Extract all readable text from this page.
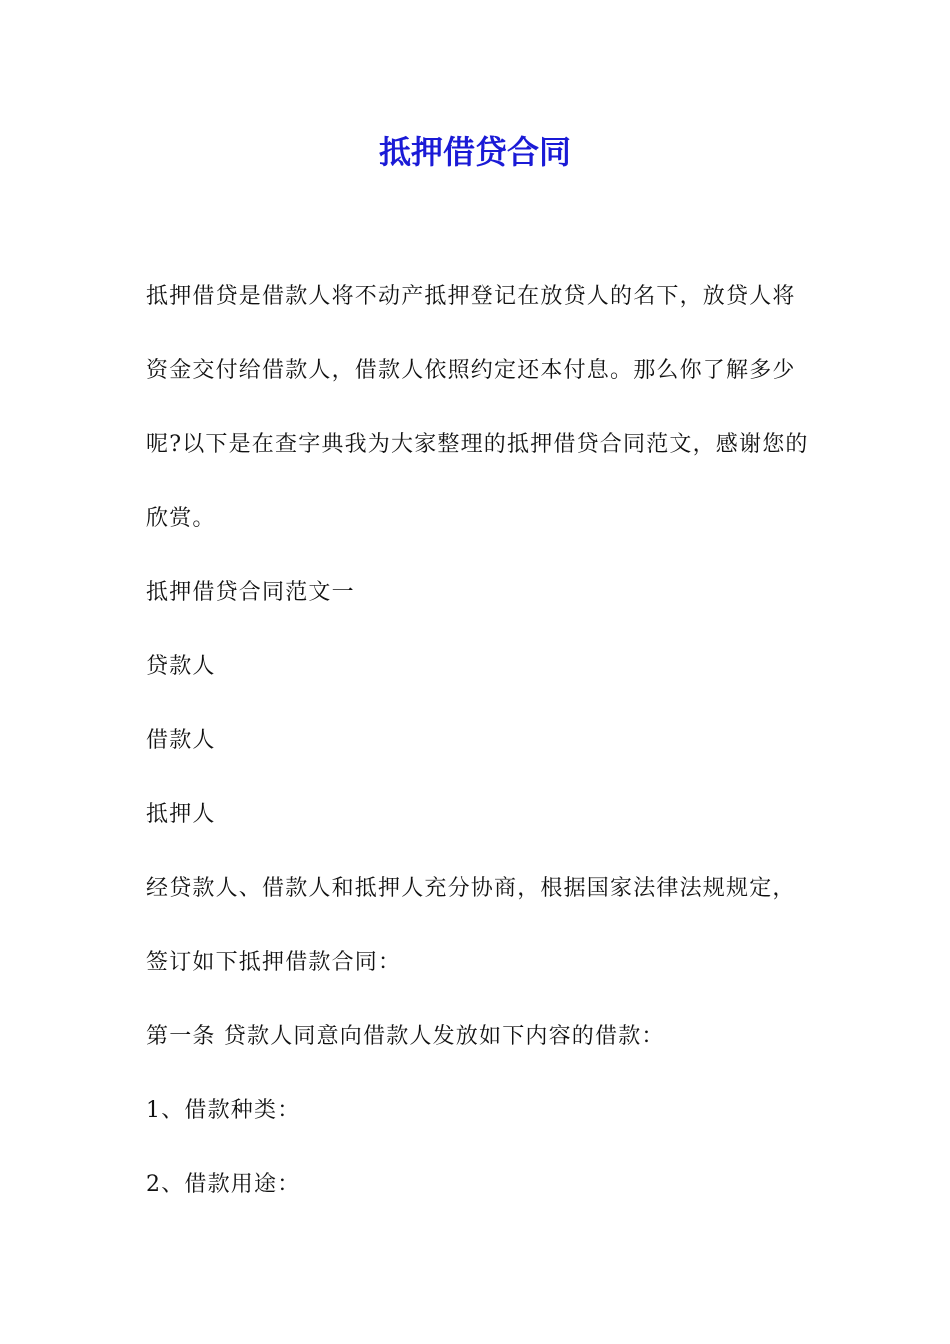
抵押借贷合同

抵押借贷是借款人将不动产抵押登记在放贷人的名下，放贷人将资金交付给借款人，借款人依照约定还本付息。那么你了解多少呢?以下是在查字典我为大家整理的抵押借贷合同范文，感谢您的欣赏。

抵押借贷合同范文一

贷款人

借款人

抵押人

经贷款人、借款人和抵押人充分协商，根据国家法律法规规定，签订如下抵押借款合同：

第一条 贷款人同意向借款人发放如下内容的借款：

1、借款种类：

2、借款用途：
